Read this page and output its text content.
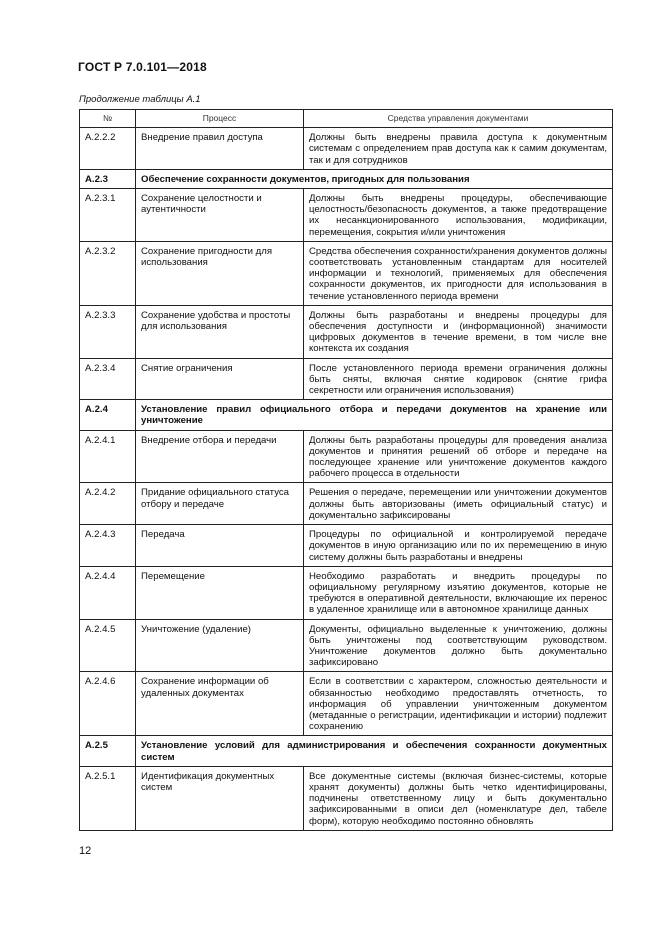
ГОСТ Р 7.0.101—2018
Продолжение таблицы А.1
№	Процесс	Средства управления документами
А.2.2.2	Внедрение правил доступа	Должны быть внедрены правила доступа к документным системам с определением прав доступа как к самим документам, так и для сотрудников
А.2.3	Обеспечение сохранности документов, пригодных для пользования	
А.2.3.1	Сохранение целостности и аутентичности	Должны быть внедрены процедуры, обеспечивающие целостность/безопасность документов, а также предотвращение их несанкционированного использования, модификации, перемещения, сокрытия и/или уничтожения
А.2.3.2	Сохранение пригодности для использования	Средства обеспечения сохранности/хранения документов должны соответствовать установленным стандартам для носителей информации и технологий, применяемых для обеспечения сохранности документов, их пригодности для использования в течение установленного периода времени
А.2.3.3	Сохранение удобства и простоты для использования	Должны быть разработаны и внедрены процедуры для обеспечения доступности и (информационной) значимости цифровых документов в течение времени, в том числе вне контекста их создания
А.2.3.4	Снятие ограничения	После установленного периода времени ограничения должны быть сняты, включая снятие кодировок (снятие грифа секретности или ограничения использования)
А.2.4	Установление правил официального отбора и передачи документов на хранение или уничтожение	
А.2.4.1	Внедрение отбора и передачи	Должны быть разработаны процедуры для проведения анализа документов и принятия решений об отборе и передаче на последующее хранение или уничтожение документов каждого рабочего процесса в отдельности
А.2.4.2	Придание официального статуса отбору и передаче	Решения о передаче, перемещении или уничтожении документов должны быть авторизованы (иметь официальный статус) и документально зафиксированы
А.2.4.3	Передача	Процедуры по официальной и контролируемой передаче документов в иную организацию или по их перемещению в иную систему должны быть разработаны и внедрены
А.2.4.4	Перемещение	Необходимо разработать и внедрить процедуры по официальному регулярному изъятию документов, которые не требуются в оперативной деятельности, включающие их перенос в удаленное хранилище или в автономное хранилище данных
А.2.4.5	Уничтожение (удаление)	Документы, официально выделенные к уничтожению, должны быть уничтожены под соответствующим руководством. Уничтожение документов должно быть документально зафиксировано
А.2.4.6	Сохранение информации об удаленных документах	Если в соответствии с характером, сложностью деятельности и обязанностью необходимо предоставлять отчетность, то информация об управлении уничтоженным документом (метаданные о регистрации, идентификации и истории) подлежит сохранению
А.2.5	Установление условий для администрирования и обеспечения сохранности документных систем	
А.2.5.1	Идентификация документных систем	Все документные системы (включая бизнес-системы, которые хранят документы) должны быть четко идентифицированы, подчинены ответственному лицу и быть документально зафиксированными в описи дел (номенклатуре дел, табеле форм), которую необходимо постоянно обновлять
12
